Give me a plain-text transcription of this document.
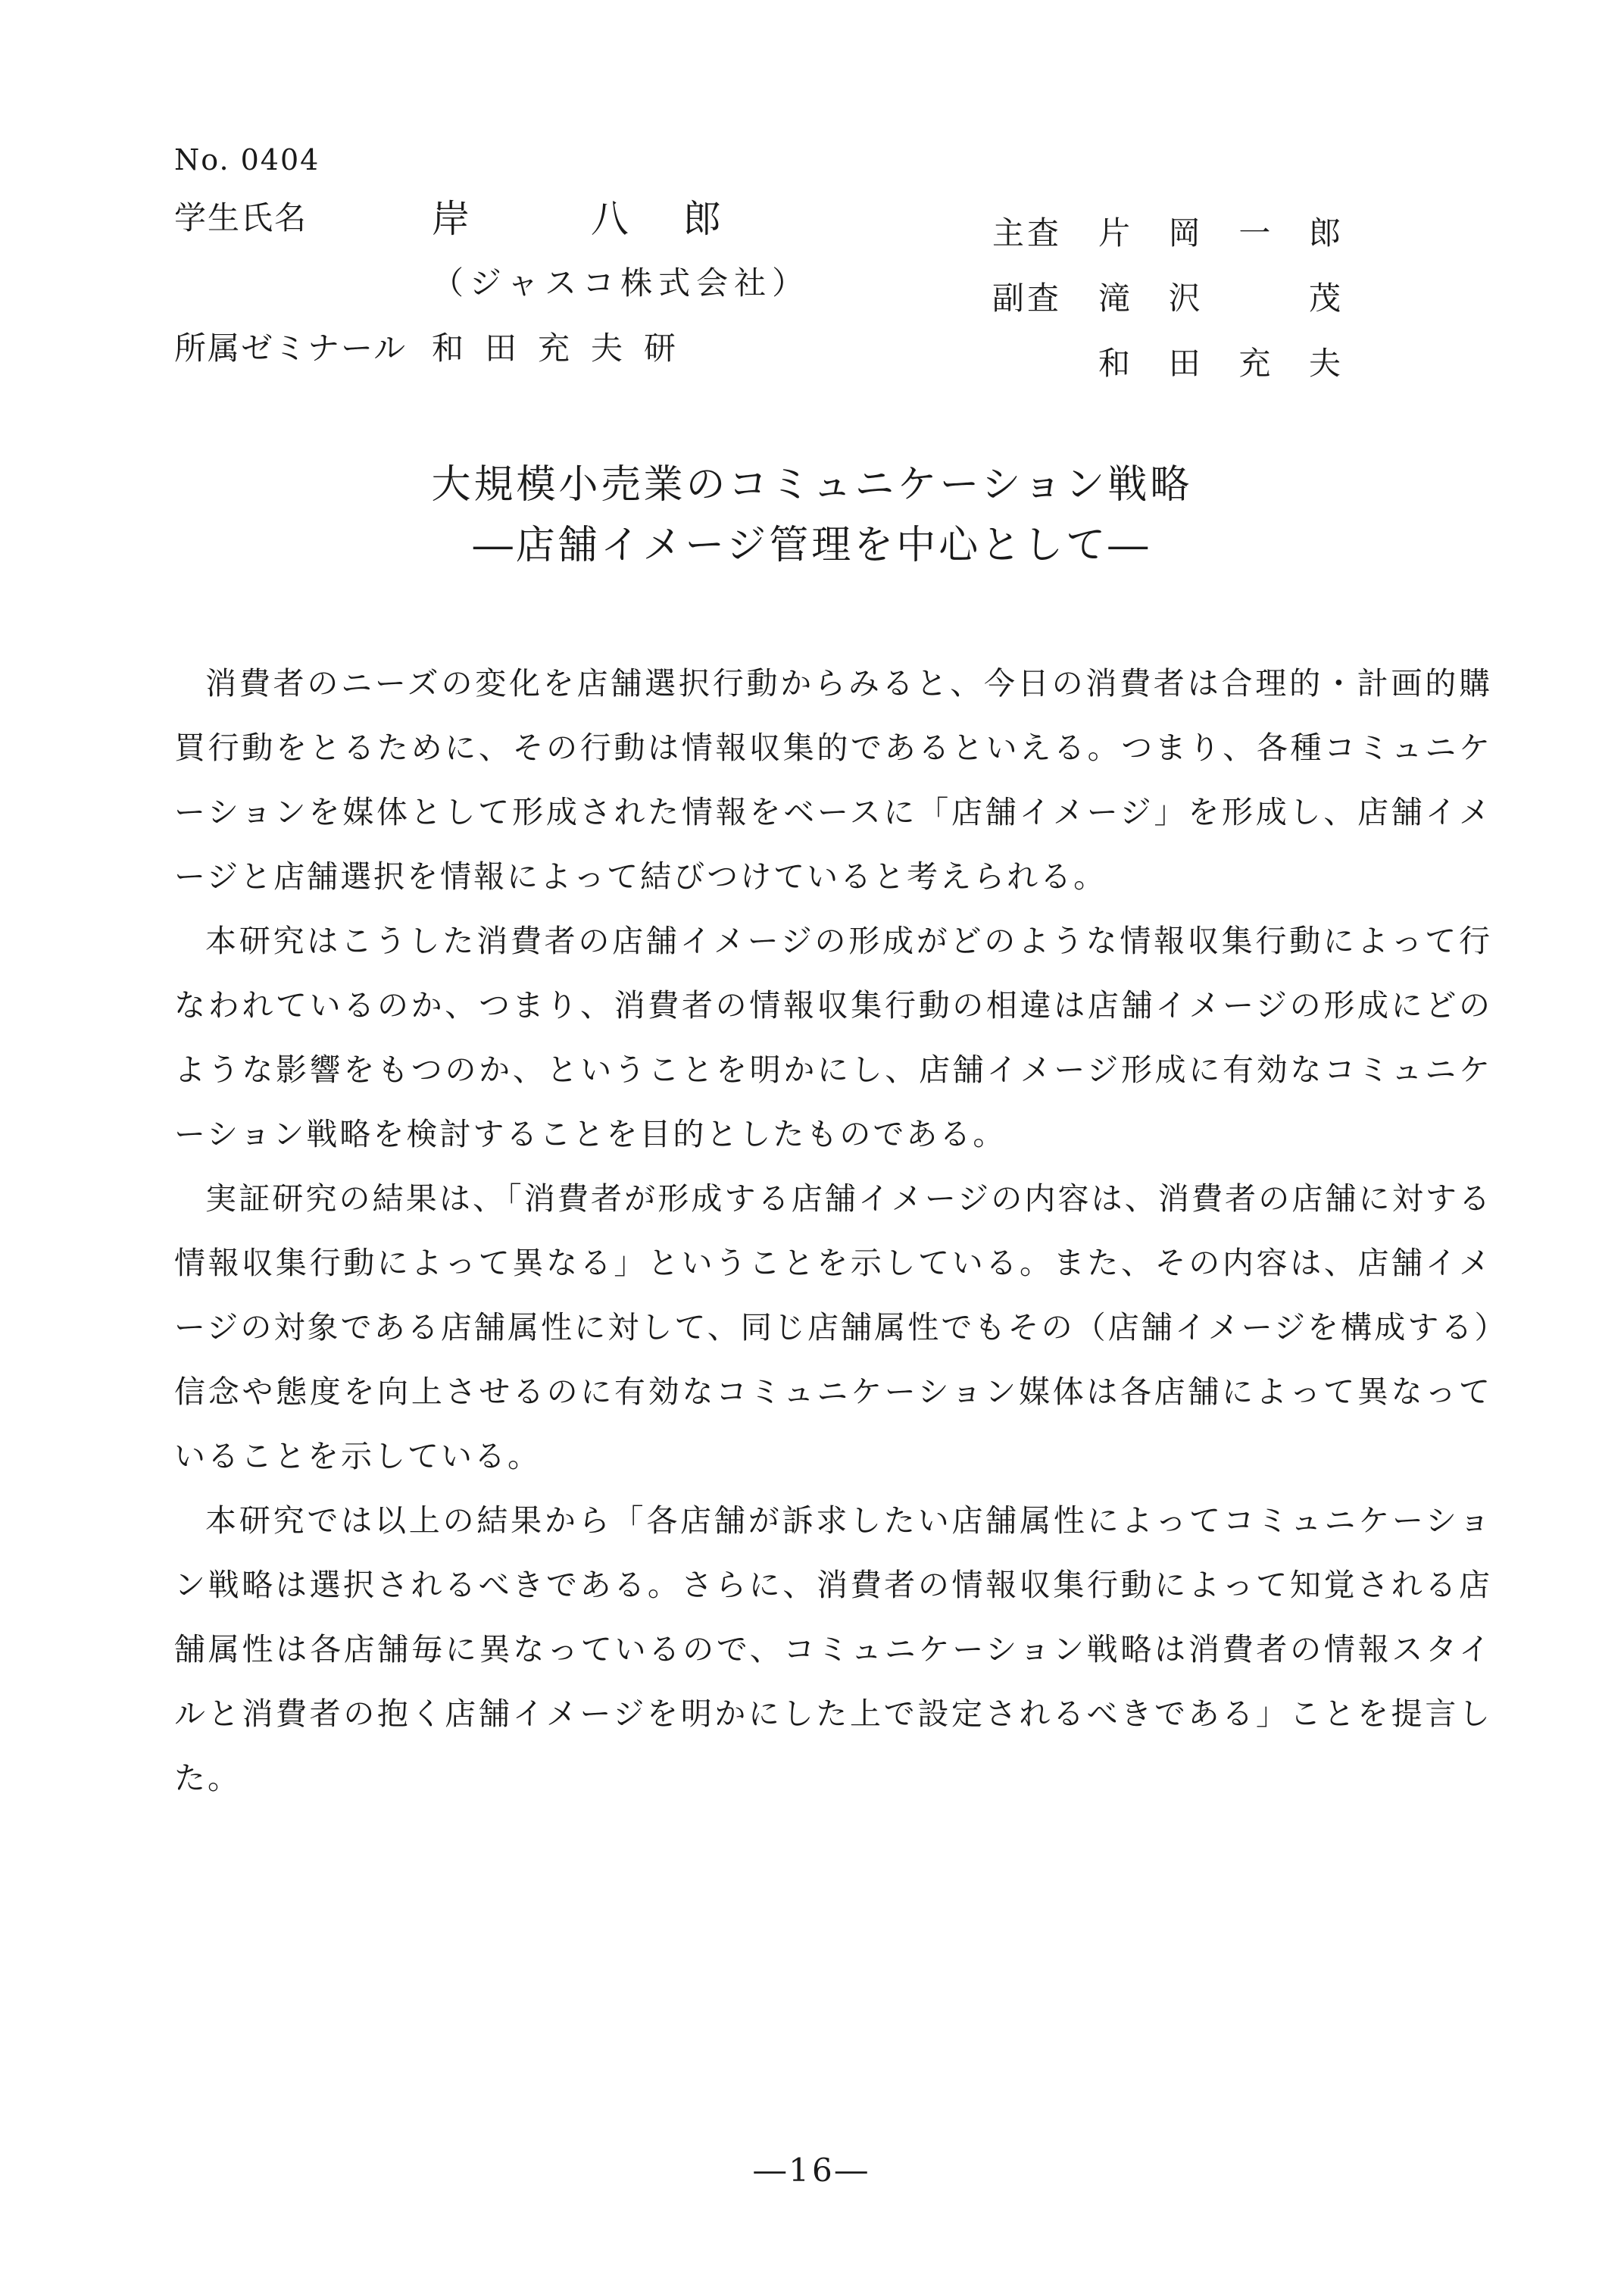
No. 0404
学生氏名	岸 八郎
（ジャスコ株式会社）
所属ゼミナール 和田充夫研
主査	片 岡 一 郎
副査	滝 沢	茂
和 田 充 夫
大規模小売業のコミュニケーション戦略
―店舗イメージ管理を中心として―

消費者のニーズの変化を店舗選択行動からみると、今日の消費者は合理的・計画的購買行動をとるために、その行動は情報収集的であるといえる。つまり、各種コミュニケーションを媒体として形成された情報をベースに「店舗イメージ」を形成し、店舗イメージと店舗選択を情報によって結びつけていると考えられる。

本研究はこうした消費者の店舗イメージの形成がどのような情報収集行動によって行なわれているのか、つまり、消費者の情報収集行動の相違は店舗イメージの形成にどのような影響をもつのか、ということを明かにし、店舗イメージ形成に有効なコミュニケーション戦略を検討することを目的としたものである。

実証研究の結果は、「消費者が形成する店舗イメージの内容は、消費者の店舗に対する情報収集行動によって異なる」ということを示している。また、その内容は、店舗イメージの対象である店舗属性に対して、同じ店舗属性でもその（店舗イメージを構成する）信念や態度を向上させるのに有効なコミュニケーション媒体は各店舗によって異なっていることを示している。

本研究では以上の結果から「各店舗が訴求したい店舗属性によってコミュニケーション戦略は選択されるべきである。さらに、消費者の情報収集行動によって知覚される店舗属性は各店舗毎に異なっているので、コミュニケーション戦略は消費者の情報スタイルと消費者の抱く店舗イメージを明かにした上で設定されるべきである」ことを提言した。

―16―
